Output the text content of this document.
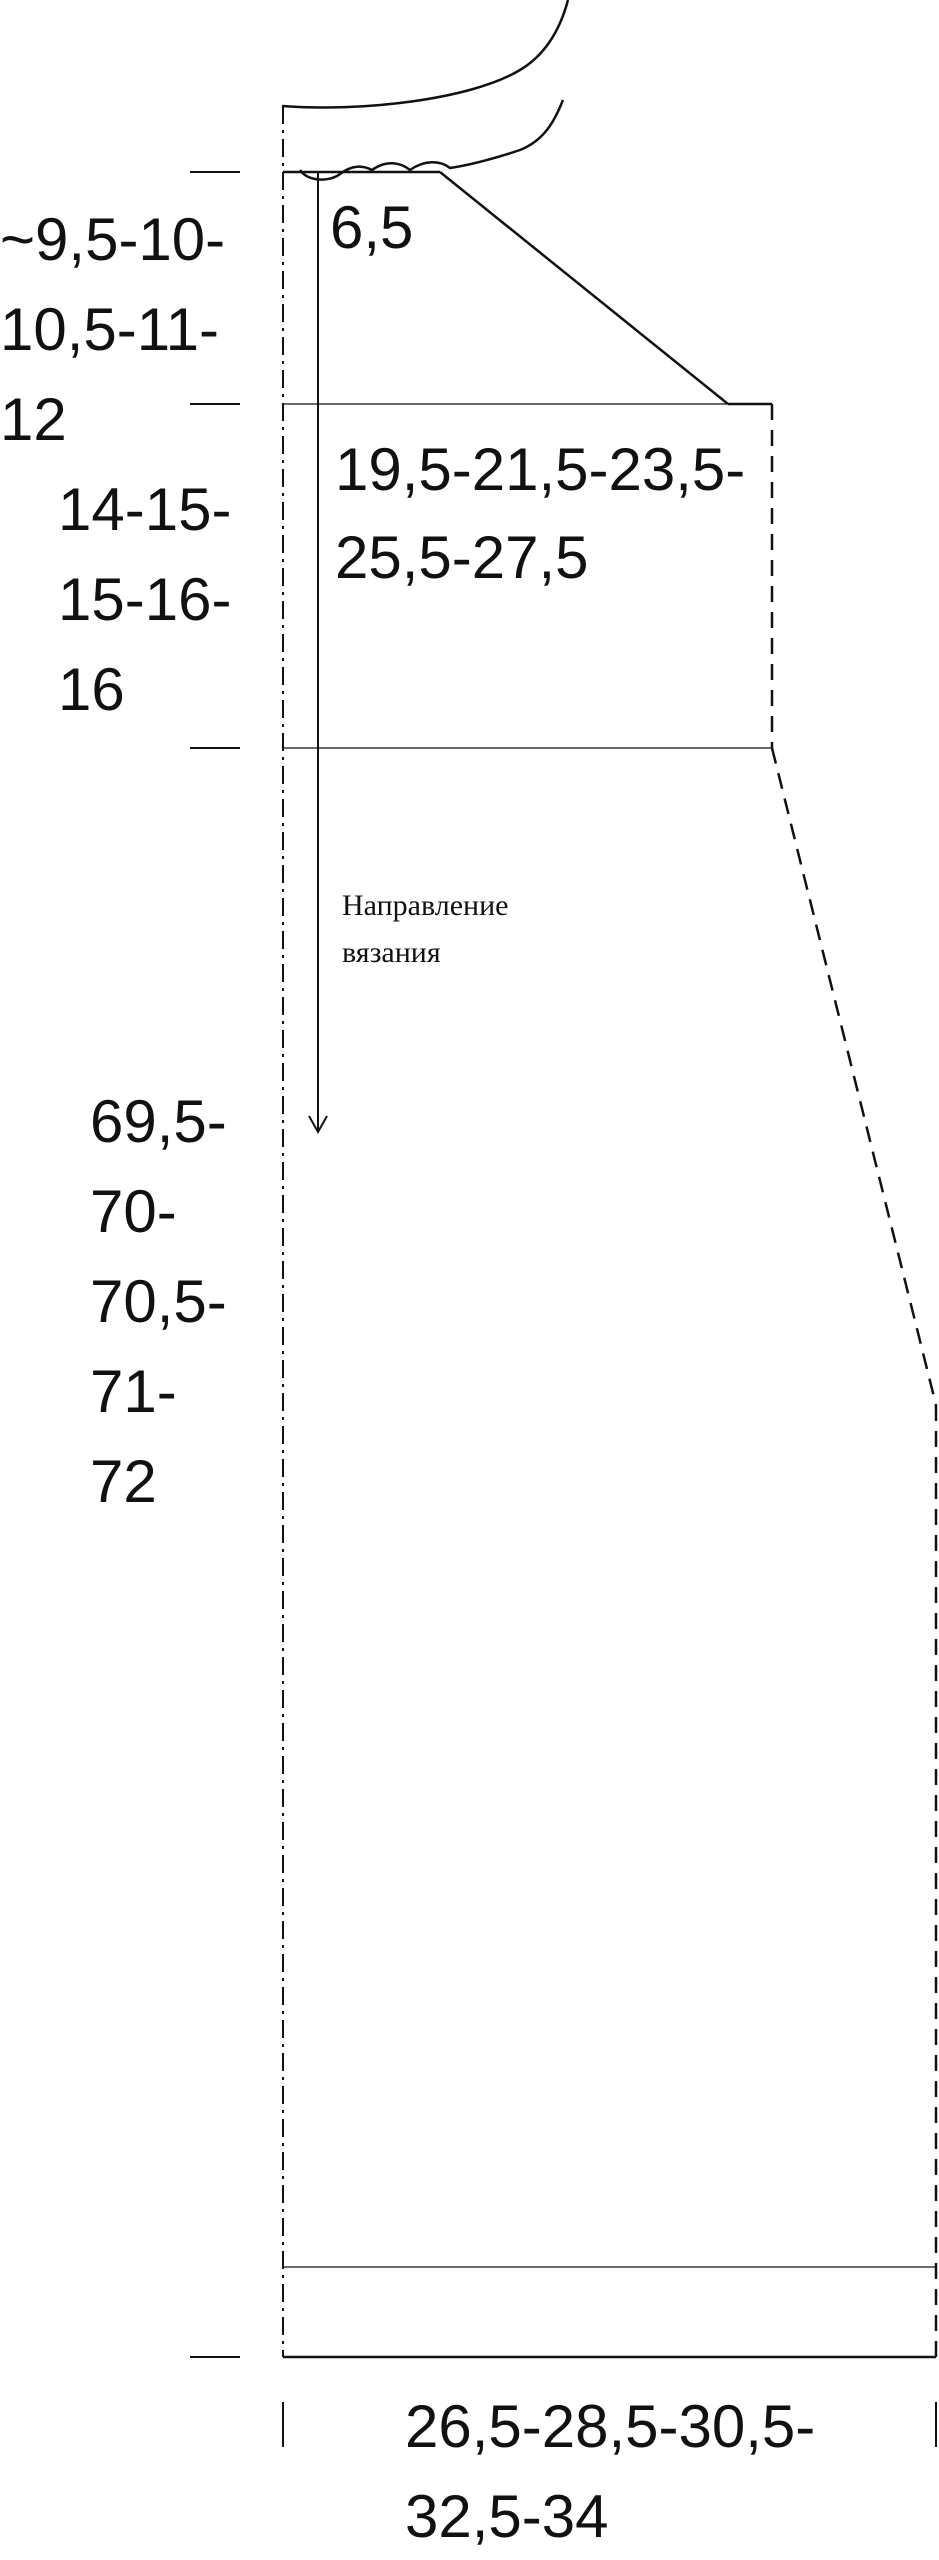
~9,5-10- 10,5-11- 12
6,5
19,5-21,5-23,5- 25,5-27,5
14-15- 15-16- 16
Направление вязания
69,5- 70- 70,5- 71- 72
26,5-28,5-30,5- 32,5-34
